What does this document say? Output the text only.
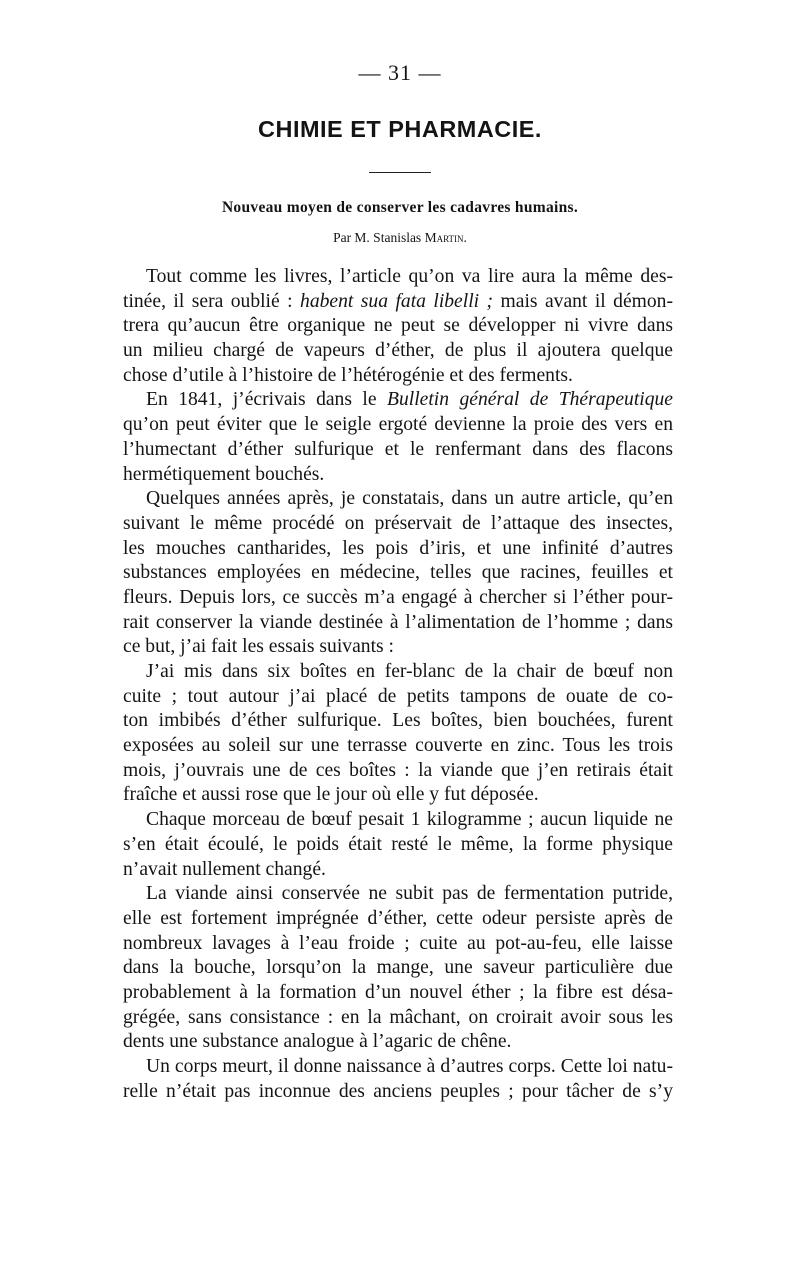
— 31 —
CHIMIE ET PHARMACIE.
Nouveau moyen de conserver les cadavres humains.
Par M. Stanislas Martin.
Tout comme les livres, l’article qu’on va lire aura la même des-
tinée, il sera oublié : habent sua fata libelli ; mais avant il démon-
trera qu’aucun être organique ne peut se développer ni vivre dans
un milieu chargé de vapeurs d’éther, de plus il ajoutera quelque
chose d’utile à l’histoire de l’hétérogénie et des ferments.
En 1841, j’écrivais dans le Bulletin général de Thérapeutique
qu’on peut éviter que le seigle ergoté devienne la proie des vers en
l’humectant d’éther sulfurique et le renfermant dans des flacons
hermétiquement bouchés.
Quelques années après, je constatais, dans un autre article, qu’en
suivant le même procédé on préservait de l’attaque des insectes,
les mouches cantharides, les pois d’iris, et une infinité d’autres
substances employées en médecine, telles que racines, feuilles et
fleurs. Depuis lors, ce succès m’a engagé à chercher si l’éther pour-
rait conserver la viande destinée à l’alimentation de l’homme ; dans
ce but, j’ai fait les essais suivants :
J’ai mis dans six boîtes en fer-blanc de la chair de bœuf non
cuite ; tout autour j’ai placé de petits tampons de ouate de co-
ton imbibés d’éther sulfurique. Les boîtes, bien bouchées, furent
exposées au soleil sur une terrasse couverte en zinc. Tous les trois
mois, j’ouvrais une de ces boîtes : la viande que j’en retirais était
fraîche et aussi rose que le jour où elle y fut déposée.
Chaque morceau de bœuf pesait 1 kilogramme ; aucun liquide ne
s’en était écoulé, le poids était resté le même, la forme physique
n’avait nullement changé.
La viande ainsi conservée ne subit pas de fermentation putride,
elle est fortement imprégnée d’éther, cette odeur persiste après de
nombreux lavages à l’eau froide ; cuite au pot-au-feu, elle laisse
dans la bouche, lorsqu’on la mange, une saveur particulière due
probablement à la formation d’un nouvel éther ; la fibre est désa-
grégée, sans consistance : en la mâchant, on croirait avoir sous les
dents une substance analogue à l’agaric de chêne.
Un corps meurt, il donne naissance à d’autres corps. Cette loi natu-
relle n’était pas inconnue des anciens peuples ; pour tâcher de s’y
